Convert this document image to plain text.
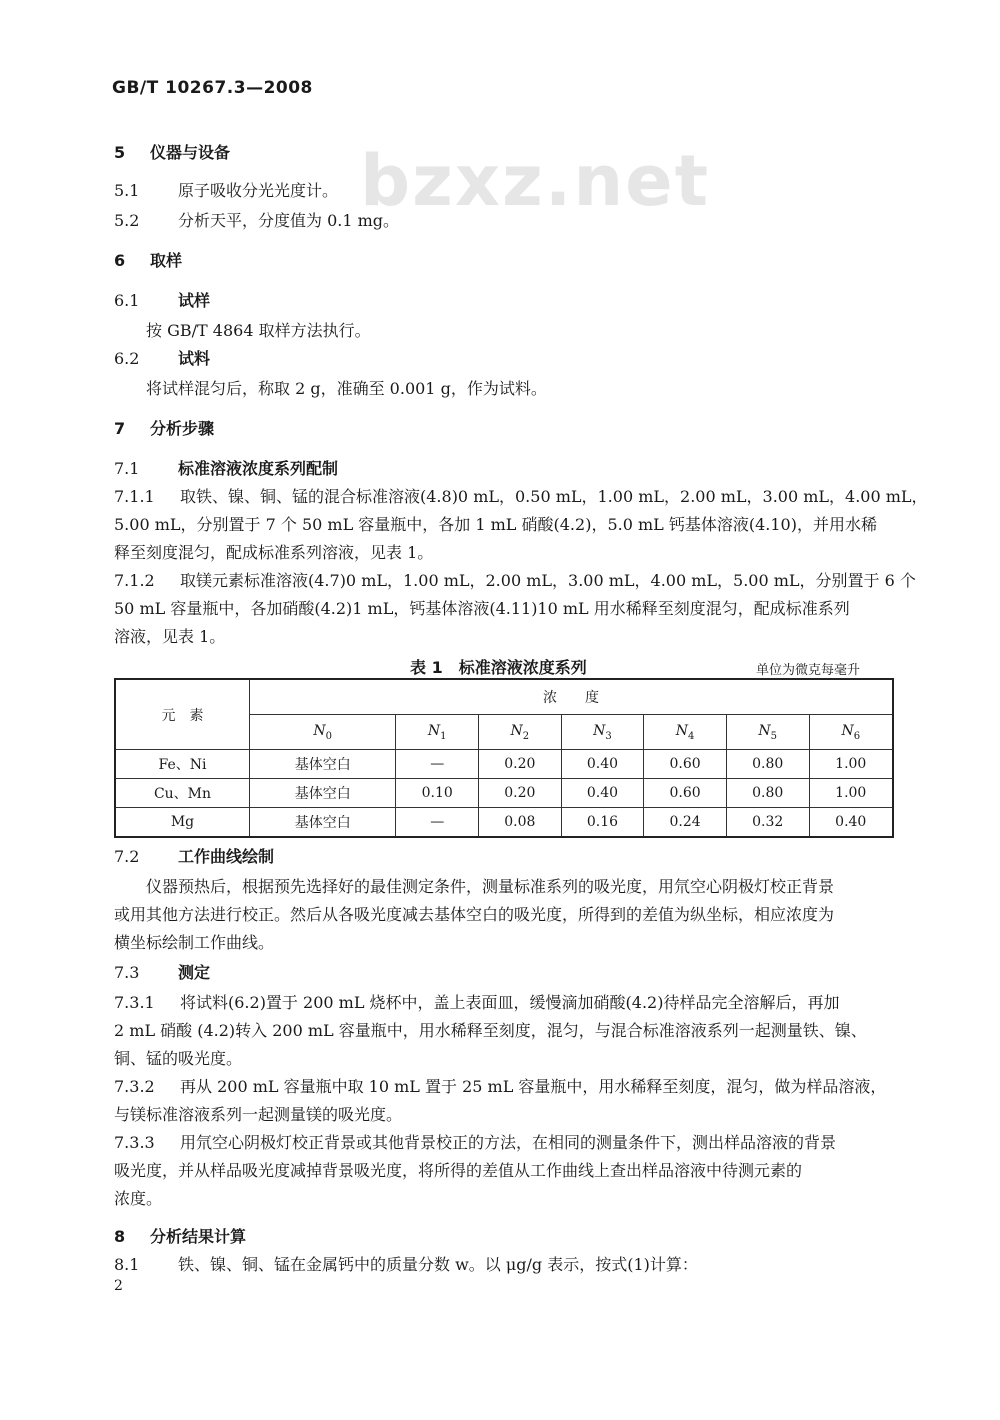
GB/T 10267.3—2008
bzxz.net
5 仪器与设备
5.1 原子吸收分光光度计。
5.2 分析天平，分度值为 0.1 mg。
6 取样
6.1 试样
按 GB/T 4864 取样方法执行。
6.2 试料
将试样混匀后，称取 2 g，准确至 0.001 g，作为试料。
7 分析步骤
7.1 标准溶液浓度系列配制
7.1.1 取铁、镍、铜、锰的混合标准溶液(4.8)0 mL，0.50 mL，1.00 mL，2.00 mL，3.00 mL，4.00 mL，
5.00 mL，分别置于 7 个 50 mL 容量瓶中，各加 1 mL 硝酸(4.2)，5.0 mL 钙基体溶液(4.10)，并用水稀
释至刻度混匀，配成标准系列溶液，见表 1。
7.1.2 取镁元素标准溶液(4.7)0 mL，1.00 mL，2.00 mL，3.00 mL，4.00 mL，5.00 mL，分别置于 6 个
50 mL 容量瓶中，各加硝酸(4.2)1 mL，钙基体溶液(4.11)10 mL 用水稀释至刻度混匀，配成标准系列
溶液，见表 1。
表 1　标准溶液浓度系列	单位为微克每毫升
元　素	浓　　度						
	$N_0$	$N_1$	$N_2$	$N_3$	$N_4$	$N_5$	$N_6$
Fe、Ni	基体空白	—	0.20	0.40	0.60	0.80	1.00
Cu、Mn	基体空白	0.10	0.20	0.40	0.60	0.80	1.00
Mg	基体空白	—	0.08	0.16	0.24	0.32	0.40
7.2 工作曲线绘制
仪器预热后，根据预先选择好的最佳测定条件，测量标准系列的吸光度，用氘空心阴极灯校正背景
或用其他方法进行校正。然后从各吸光度减去基体空白的吸光度，所得到的差值为纵坐标，相应浓度为
横坐标绘制工作曲线。
7.3 测定
7.3.1 将试料(6.2)置于 200 mL 烧杯中，盖上表面皿，缓慢滴加硝酸(4.2)待样品完全溶解后，再加
2 mL 硝酸 (4.2)转入 200 mL 容量瓶中，用水稀释至刻度，混匀，与混合标准溶液系列一起测量铁、镍、
铜、锰的吸光度。
7.3.2 再从 200 mL 容量瓶中取 10 mL 置于 25 mL 容量瓶中，用水稀释至刻度，混匀，做为样品溶液，
与镁标准溶液系列一起测量镁的吸光度。
7.3.3 用氘空心阴极灯校正背景或其他背景校正的方法，在相同的测量条件下，测出样品溶液的背景
吸光度，并从样品吸光度减掉背景吸光度，将所得的差值从工作曲线上查出样品溶液中待测元素的
浓度。
8 分析结果计算
8.1 铁、镍、铜、锰在金属钙中的质量分数 w。以 μg/g 表示，按式(1)计算：
2
